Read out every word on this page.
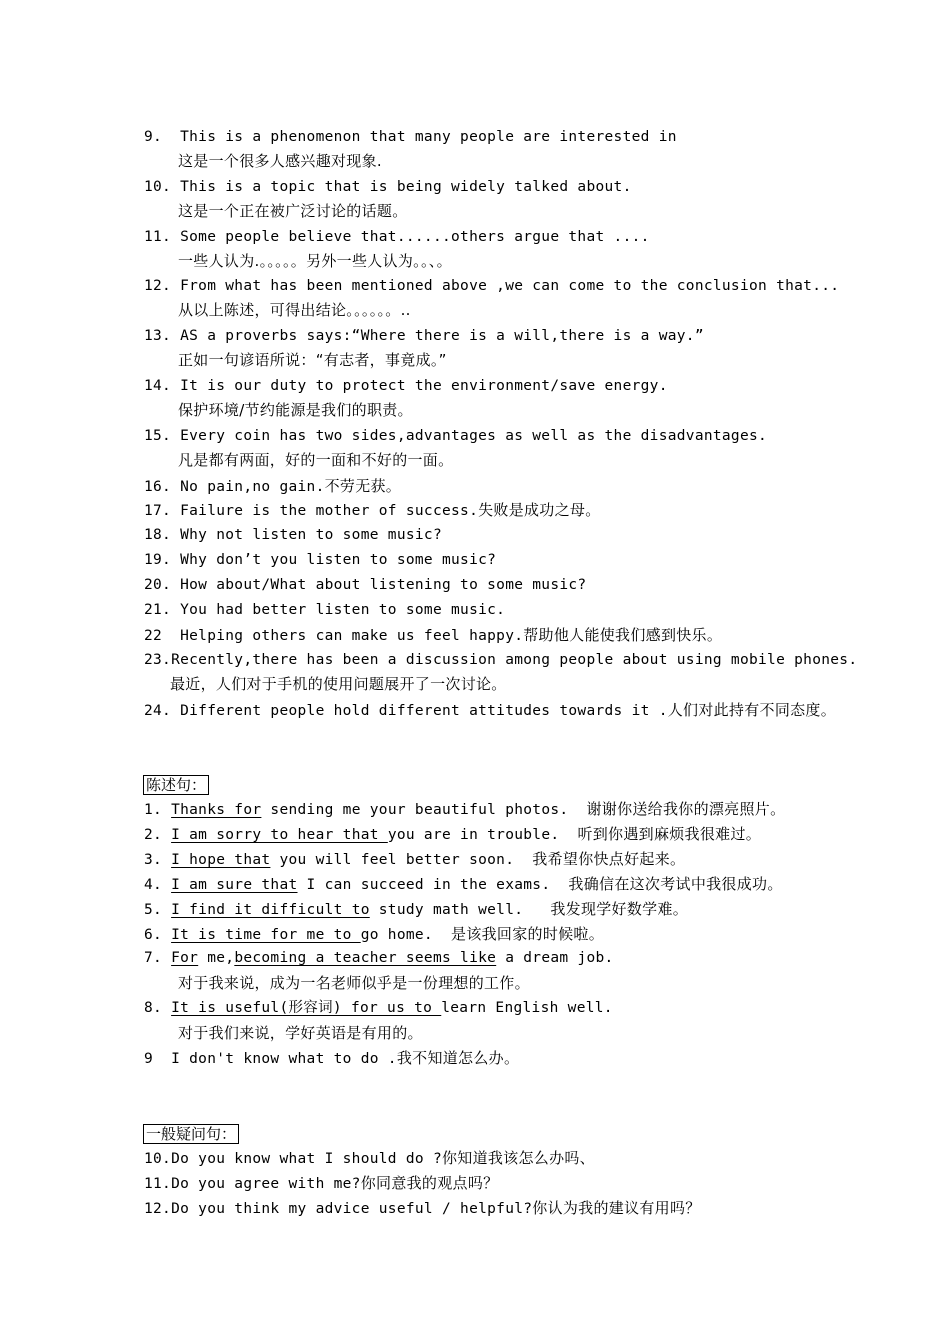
9.  This is a phenomenon that many people are interested in
这是一个很多人感兴趣对现象.
10. This is a topic that is being widely talked about.
这是一个正在被广泛讨论的话题。
11. Some people believe that......others argue that ....
一些人认为.。。。。。另外一些人认为。。、。
12. From what has been mentioned above ,we can come to the conclusion that...
从以上陈述，可得出结论。。。。。。..
13. AS a proverbs says:“Where there is a will,there is a way.”
正如一句谚语所说：“有志者，事竟成。”
14. It is our duty to protect the environment/save energy.
保护环境/节约能源是我们的职责。
15. Every coin has two sides,advantages as well as the disadvantages.
凡是都有两面，好的一面和不好的一面。
16. No pain,no gain.不劳无获。
17. Failure is the mother of success.失败是成功之母。
18. Why not listen to some music?
19. Why don’t you listen to some music?
20. How about/What about listening to some music?
21. You had better listen to some music.
22  Helping others can make us feel happy.帮助他人能使我们感到快乐。
23.Recently,there has been a discussion among people about using mobile phones.
最近，人们对于手机的使用问题展开了一次讨论。
24. Different people hold different attitudes towards it .人们对此持有不同态度。
陈述句：
1. Thanks for sending me your beautiful photos.  谢谢你送给我你的漂亮照片。
2. I am sorry to hear that you are in trouble.  听到你遇到麻烦我很难过。
3. I hope that you will feel better soon.  我希望你快点好起来。
4. I am sure that I can succeed in the exams.  我确信在这次考试中我很成功。
5. I find it difficult to study math well.   我发现学好数学难。
6. It is time for me to go home.  是该我回家的时候啦。
7. For me,becoming a teacher seems like a dream job.
对于我来说，成为一名老师似乎是一份理想的工作。
8. It is useful(形容词) for us to learn English well.
对于我们来说，学好英语是有用的。
9  I don't know what to do .我不知道怎么办。
一般疑问句：
10.Do you know what I should do ?你知道我该怎么办吗、
11.Do you agree with me?你同意我的观点吗？
12.Do you think my advice useful / helpful?你认为我的建议有用吗？
